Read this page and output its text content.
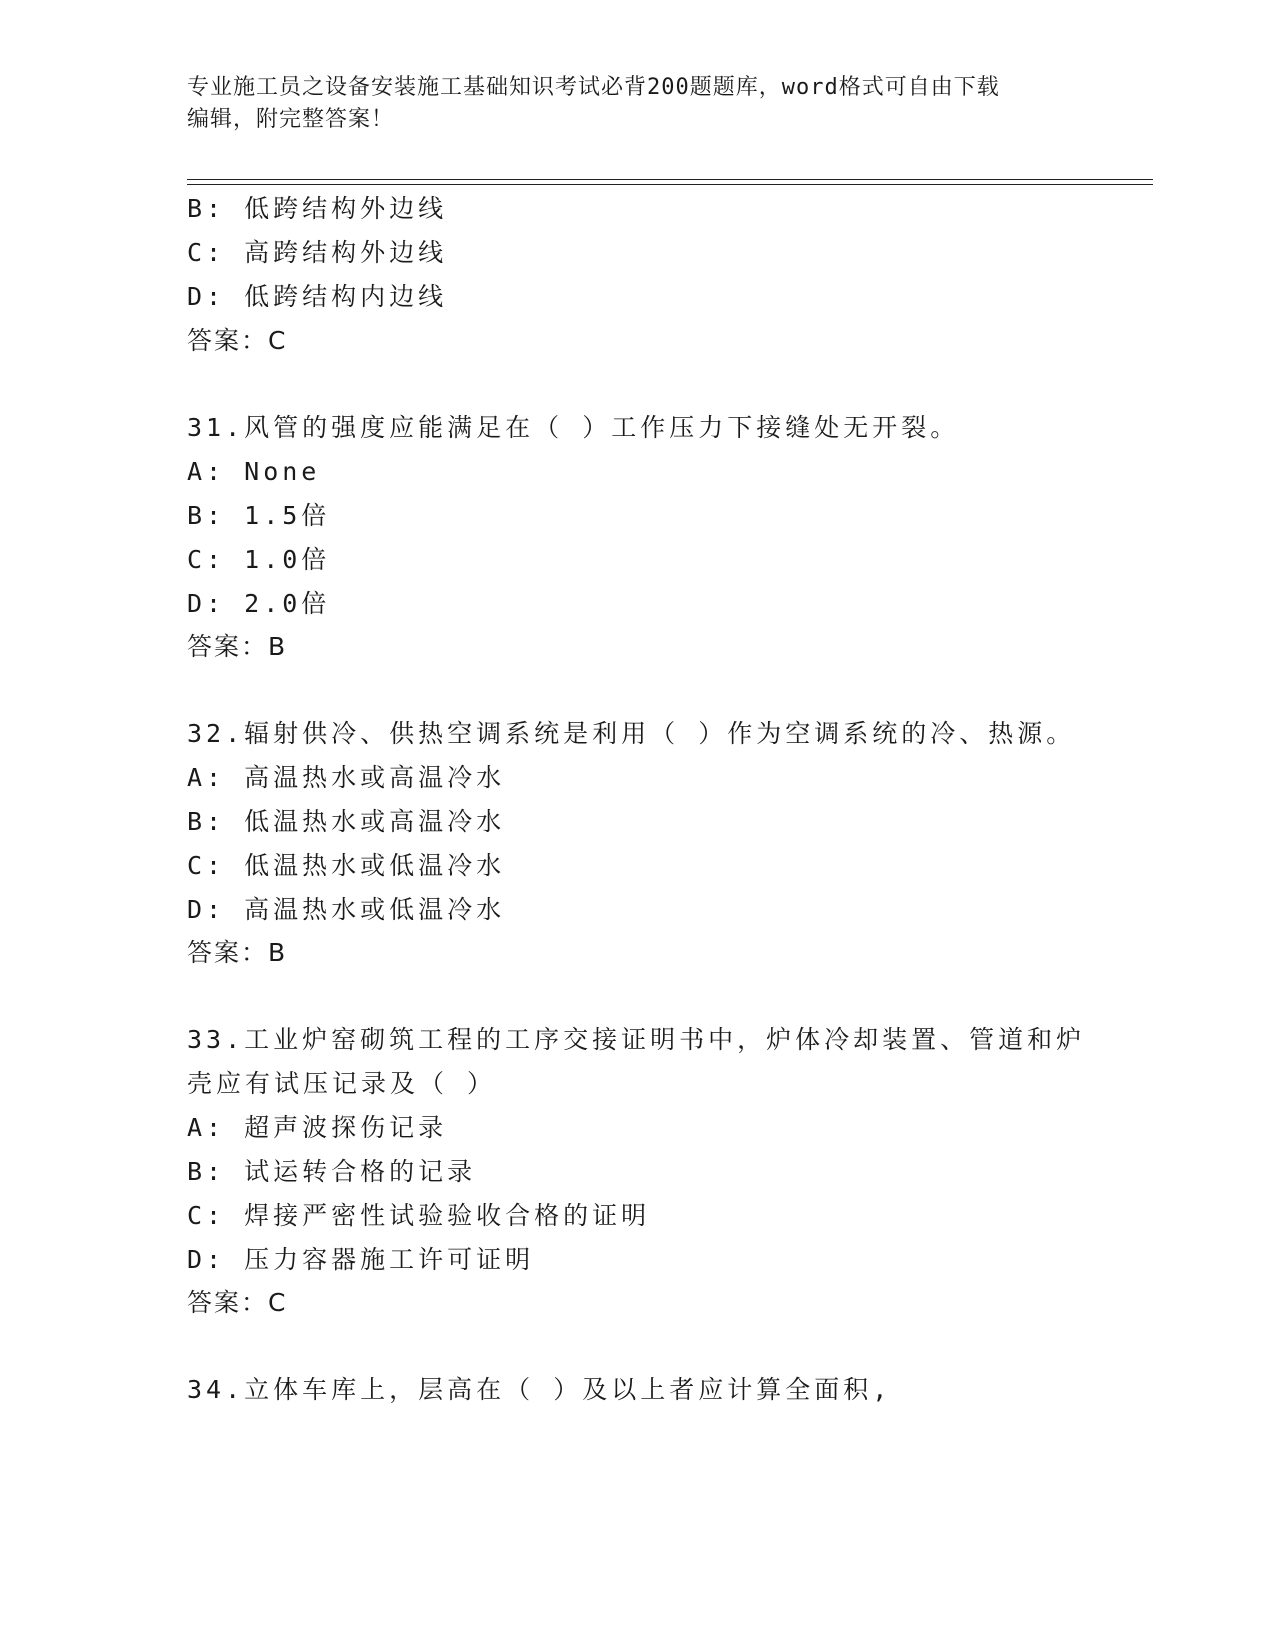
专业施工员之设备安装施工基础知识考试必背200题题库，word格式可自由下载
编辑，附完整答案！
B: 低跨结构外边线
C: 高跨结构外边线
D: 低跨结构内边线
答案：C
31.风管的强度应能满足在（ ）工作压力下接缝处无开裂。
A: None
B: 1.5倍
C: 1.0倍
D: 2.0倍
答案：B
32.辐射供冷、供热空调系统是利用（ ）作为空调系统的冷、热源。
A: 高温热水或高温冷水
B: 低温热水或高温冷水
C: 低温热水或低温冷水
D: 高温热水或低温冷水
答案：B
33.工业炉窑砌筑工程的工序交接证明书中，炉体冷却装置、管道和炉
壳应有试压记录及（ ）
A: 超声波探伤记录
B: 试运转合格的记录
C: 焊接严密性试验验收合格的证明
D: 压力容器施工许可证明
答案：C
34.立体车库上，层高在（ ）及以上者应计算全面积,
